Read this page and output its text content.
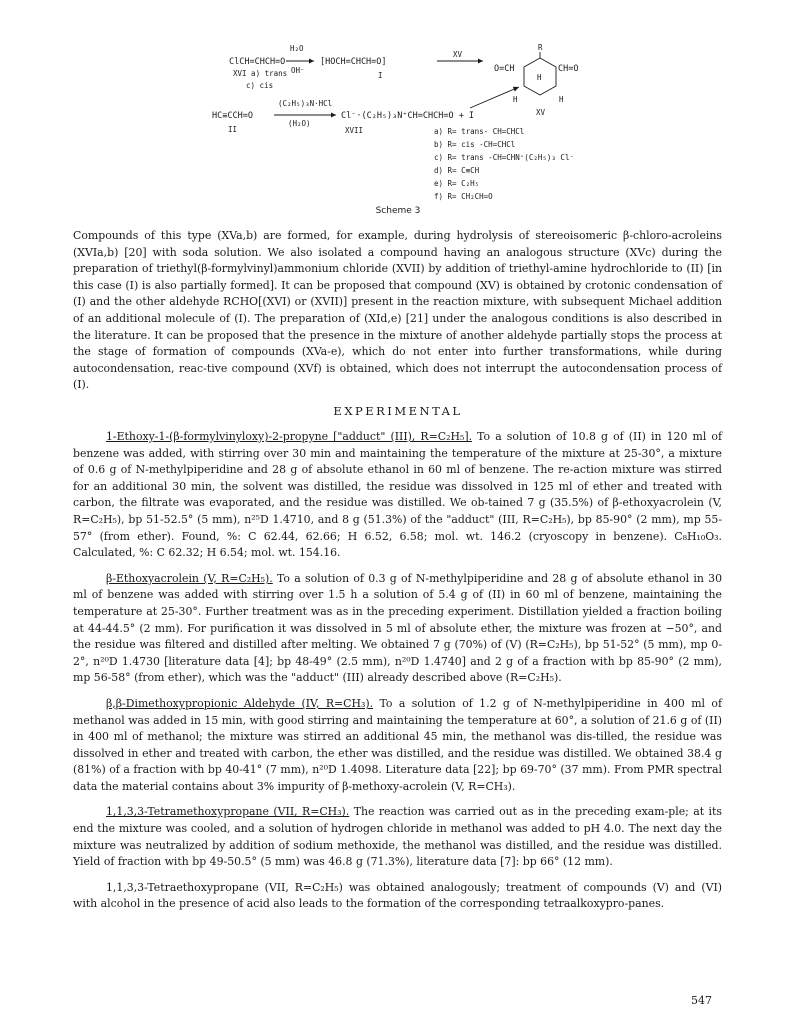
ClCH=CHCH=O
H₂O
OH⁻
[HOCH=CHCH=O]
I
XVI a) trans
c) cis
XV
R
H
O=CH	CH=O
H	H
XV
HC≡CCH=O
II
(C₂H₅)₃N·HCl
(H₂O)
Cl⁻·(C₂H₅)₃N⁺CH=CHCH=O + I
XVII	a) R= trans- CH=CHCl
b) R= cis -CH=CHCl
c) R= trans -CH=CHN⁺(C₂H₅)₃ Cl⁻
d) R= C≡CH
e) R= C₂H₅
f) R= CH₂CH=O
Scheme 3

Compounds of this type (XVa,b) are formed, for example, during hydrolysis of stereoisomeric β-chloro-acroleins (XVIa,b) [20] with soda solution. We also isolated a compound having an analogous structure (XVc) during the preparation of triethyl(β-formylvinyl)ammonium chloride (XVII) by addition of triethyl-amine hydrochloride to (II) [in this case (I) is also partially formed]. It can be proposed that compound (XV) is obtained by crotonic condensation of (I) and the other aldehyde RCHO[(XVI) or (XVII)] present in the reaction mixture, with subsequent Michael addition of an additional molecule of (I). The preparation of (XId,e) [21] under the analogous conditions is also described in the literature. It can be proposed that the presence in the mixture of another aldehyde partially stops the process at the stage of formation of compounds (XVa-e), which do not enter into further transformations, while during autocondensation, reac-tive compound (XVf) is obtained, which does not interrupt the autocondensation process of (I).

EXPERIMENTAL

1-Ethoxy-1-(β-formylvinyloxy)-2-propyne ["adduct" (III), R=C₂H₅]. To a solution of 10.8 g of (II) in 120 ml of benzene was added, with stirring over 30 min and maintaining the temperature of the mixture at 25-30°, a mixture of 0.6 g of N-methylpiperidine and 28 g of absolute ethanol in 60 ml of benzene. The re-action mixture was stirred for an additional 30 min, the solvent was distilled, the residue was dissolved in 125 ml of ether and treated with carbon, the filtrate was evaporated, and the residue was distilled. We ob-tained 7 g (35.5%) of β-ethoxyacrolein (V, R=C₂H₅), bp 51-52.5° (5 mm), n²⁵D 1.4710, and 8 g (51.3%) of the "adduct" (III, R=C₂H₅), bp 85-90° (2 mm), mp 55-57° (from ether). Found, %: C 62.44, 62.66; H 6.52, 6.58; mol. wt. 146.2 (cryoscopy in benzene). C₈H₁₀O₃. Calculated, %: C 62.32; H 6.54; mol. wt. 154.16.

β-Ethoxyacrolein (V, R=C₂H₅). To a solution of 0.3 g of N-methylpiperidine and 28 g of absolute ethanol in 30 ml of benzene was added with stirring over 1.5 h a solution of 5.4 g of (II) in 60 ml of benzene, maintaining the temperature at 25-30°. Further treatment was as in the preceding experiment. Distillation yielded a fraction boiling at 44-44.5° (2 mm). For purification it was dissolved in 5 ml of absolute ether, the mixture was frozen at −50°, and the residue was filtered and distilled after melting. We obtained 7 g (70%) of (V) (R=C₂H₅), bp 51-52° (5 mm), mp 0-2°, n²⁰D 1.4730 [literature data [4]; bp 48-49° (2.5 mm), n²⁰D 1.4740] and 2 g of a fraction with bp 85-90° (2 mm), mp 56-58° (from ether), which was the "adduct" (III) already described above (R=C₂H₅).

β,β-Dimethoxypropionic Aldehyde (IV, R=CH₃). To a solution of 1.2 g of N-methylpiperidine in 400 ml of methanol was added in 15 min, with good stirring and maintaining the temperature at 60°, a solution of 21.6 g of (II) in 400 ml of methanol; the mixture was stirred an additional 45 min, the methanol was dis-tilled, the residue was dissolved in ether and treated with carbon, the ether was distilled, and the residue was distilled. We obtained 38.4 g (81%) of a fraction with bp 40-41° (7 mm), n²⁰D 1.4098. Literature data [22]; bp 69-70° (37 mm). From PMR spectral data the material contains about 3% impurity of β-methoxy-acrolein (V, R=CH₃).

1,1,3,3-Tetramethoxypropane (VII, R=CH₃). The reaction was carried out as in the preceding exam-ple; at its end the mixture was cooled, and a solution of hydrogen chloride in methanol was added to pH 4.0. The next day the mixture was neutralized by addition of sodium methoxide, the methanol was distilled, and the residue was distilled. Yield of fraction with bp 49-50.5° (5 mm) was 46.8 g (71.3%), literature data [7]: bp 66° (12 mm).

1,1,3,3-Tetraethoxypropane (VII, R=C₂H₅) was obtained analogously; treatment of compounds (V) and (VI) with alcohol in the presence of acid also leads to the formation of the corresponding tetraalkoxypro-panes.

547
